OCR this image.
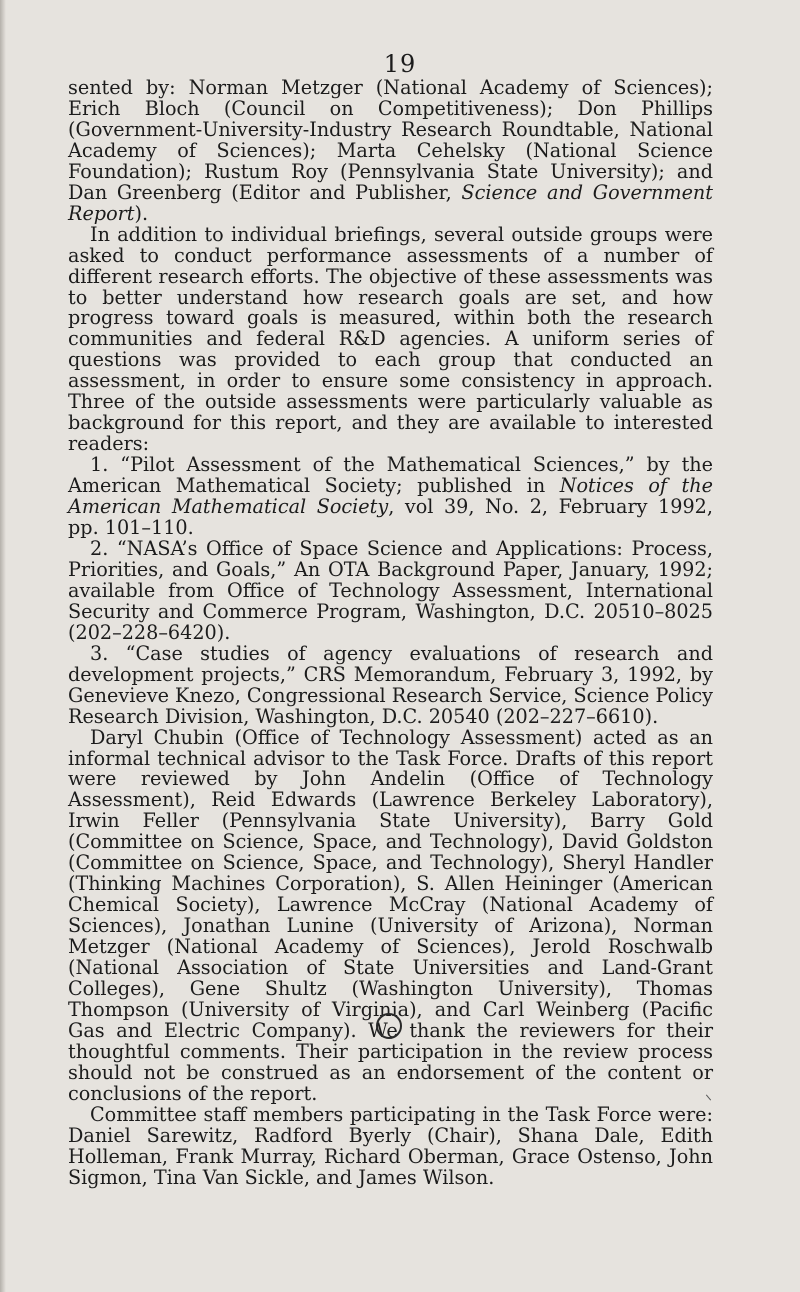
19

sented by: Norman Metzger (National Academy of Sciences); Erich Bloch (Council on Competitiveness); Don Phillips (Government-University-Industry Research Roundtable, National Academy of Sciences); Marta Cehelsky (National Science Foundation); Rustum Roy (Pennsylvania State University); and Dan Greenberg (Editor and Publisher, Science and Government Report).

In addition to individual briefings, several outside groups were asked to conduct performance assessments of a number of different research efforts. The objective of these assessments was to better understand how research goals are set, and how progress toward goals is measured, within both the research communities and federal R&D agencies. A uniform series of questions was provided to each group that conducted an assessment, in order to ensure some consistency in approach. Three of the outside assessments were particularly valuable as background for this report, and they are available to interested readers:

1. “Pilot Assessment of the Mathematical Sciences,” by the American Mathematical Society; published in Notices of the American Mathematical Society, vol 39, No. 2, February 1992, pp. 101–110.

2. “NASA’s Office of Space Science and Applications: Process, Priorities, and Goals,” An OTA Background Paper, January, 1992; available from Office of Technology Assessment, International Security and Commerce Program, Washington, D.C. 20510–8025 (202–228–6420).

3. “Case studies of agency evaluations of research and development projects,” CRS Memorandum, February 3, 1992, by Genevieve Knezo, Congressional Research Service, Science Policy Research Division, Washington, D.C. 20540 (202–227–6610).

Daryl Chubin (Office of Technology Assessment) acted as an informal technical advisor to the Task Force. Drafts of this report were reviewed by John Andelin (Office of Technology Assessment), Reid Edwards (Lawrence Berkeley Laboratory), Irwin Feller (Pennsylvania State University), Barry Gold (Committee on Science, Space, and Technology), David Goldston (Committee on Science, Space, and Technology), Sheryl Handler (Thinking Machines Corporation), S. Allen Heininger (American Chemical Society), Lawrence McCray (National Academy of Sciences), Jonathan Lunine (University of Arizona), Norman Metzger (National Academy of Sciences), Jerold Roschwalb (National Association of State Universities and Land-Grant Colleges), Gene Shultz (Washington University), Thomas Thompson (University of Virginia), and Carl Weinberg (Pacific Gas and Electric Company). We thank the reviewers for their thoughtful comments. Their participation in the review process should not be construed as an endorsement of the content or conclusions of the report.

Committee staff members participating in the Task Force were: Daniel Sarewitz, Radford Byerly (Chair), Shana Dale, Edith Holleman, Frank Murray, Richard Oberman, Grace Ostenso, John Sigmon, Tina Van Sickle, and James Wilson.
